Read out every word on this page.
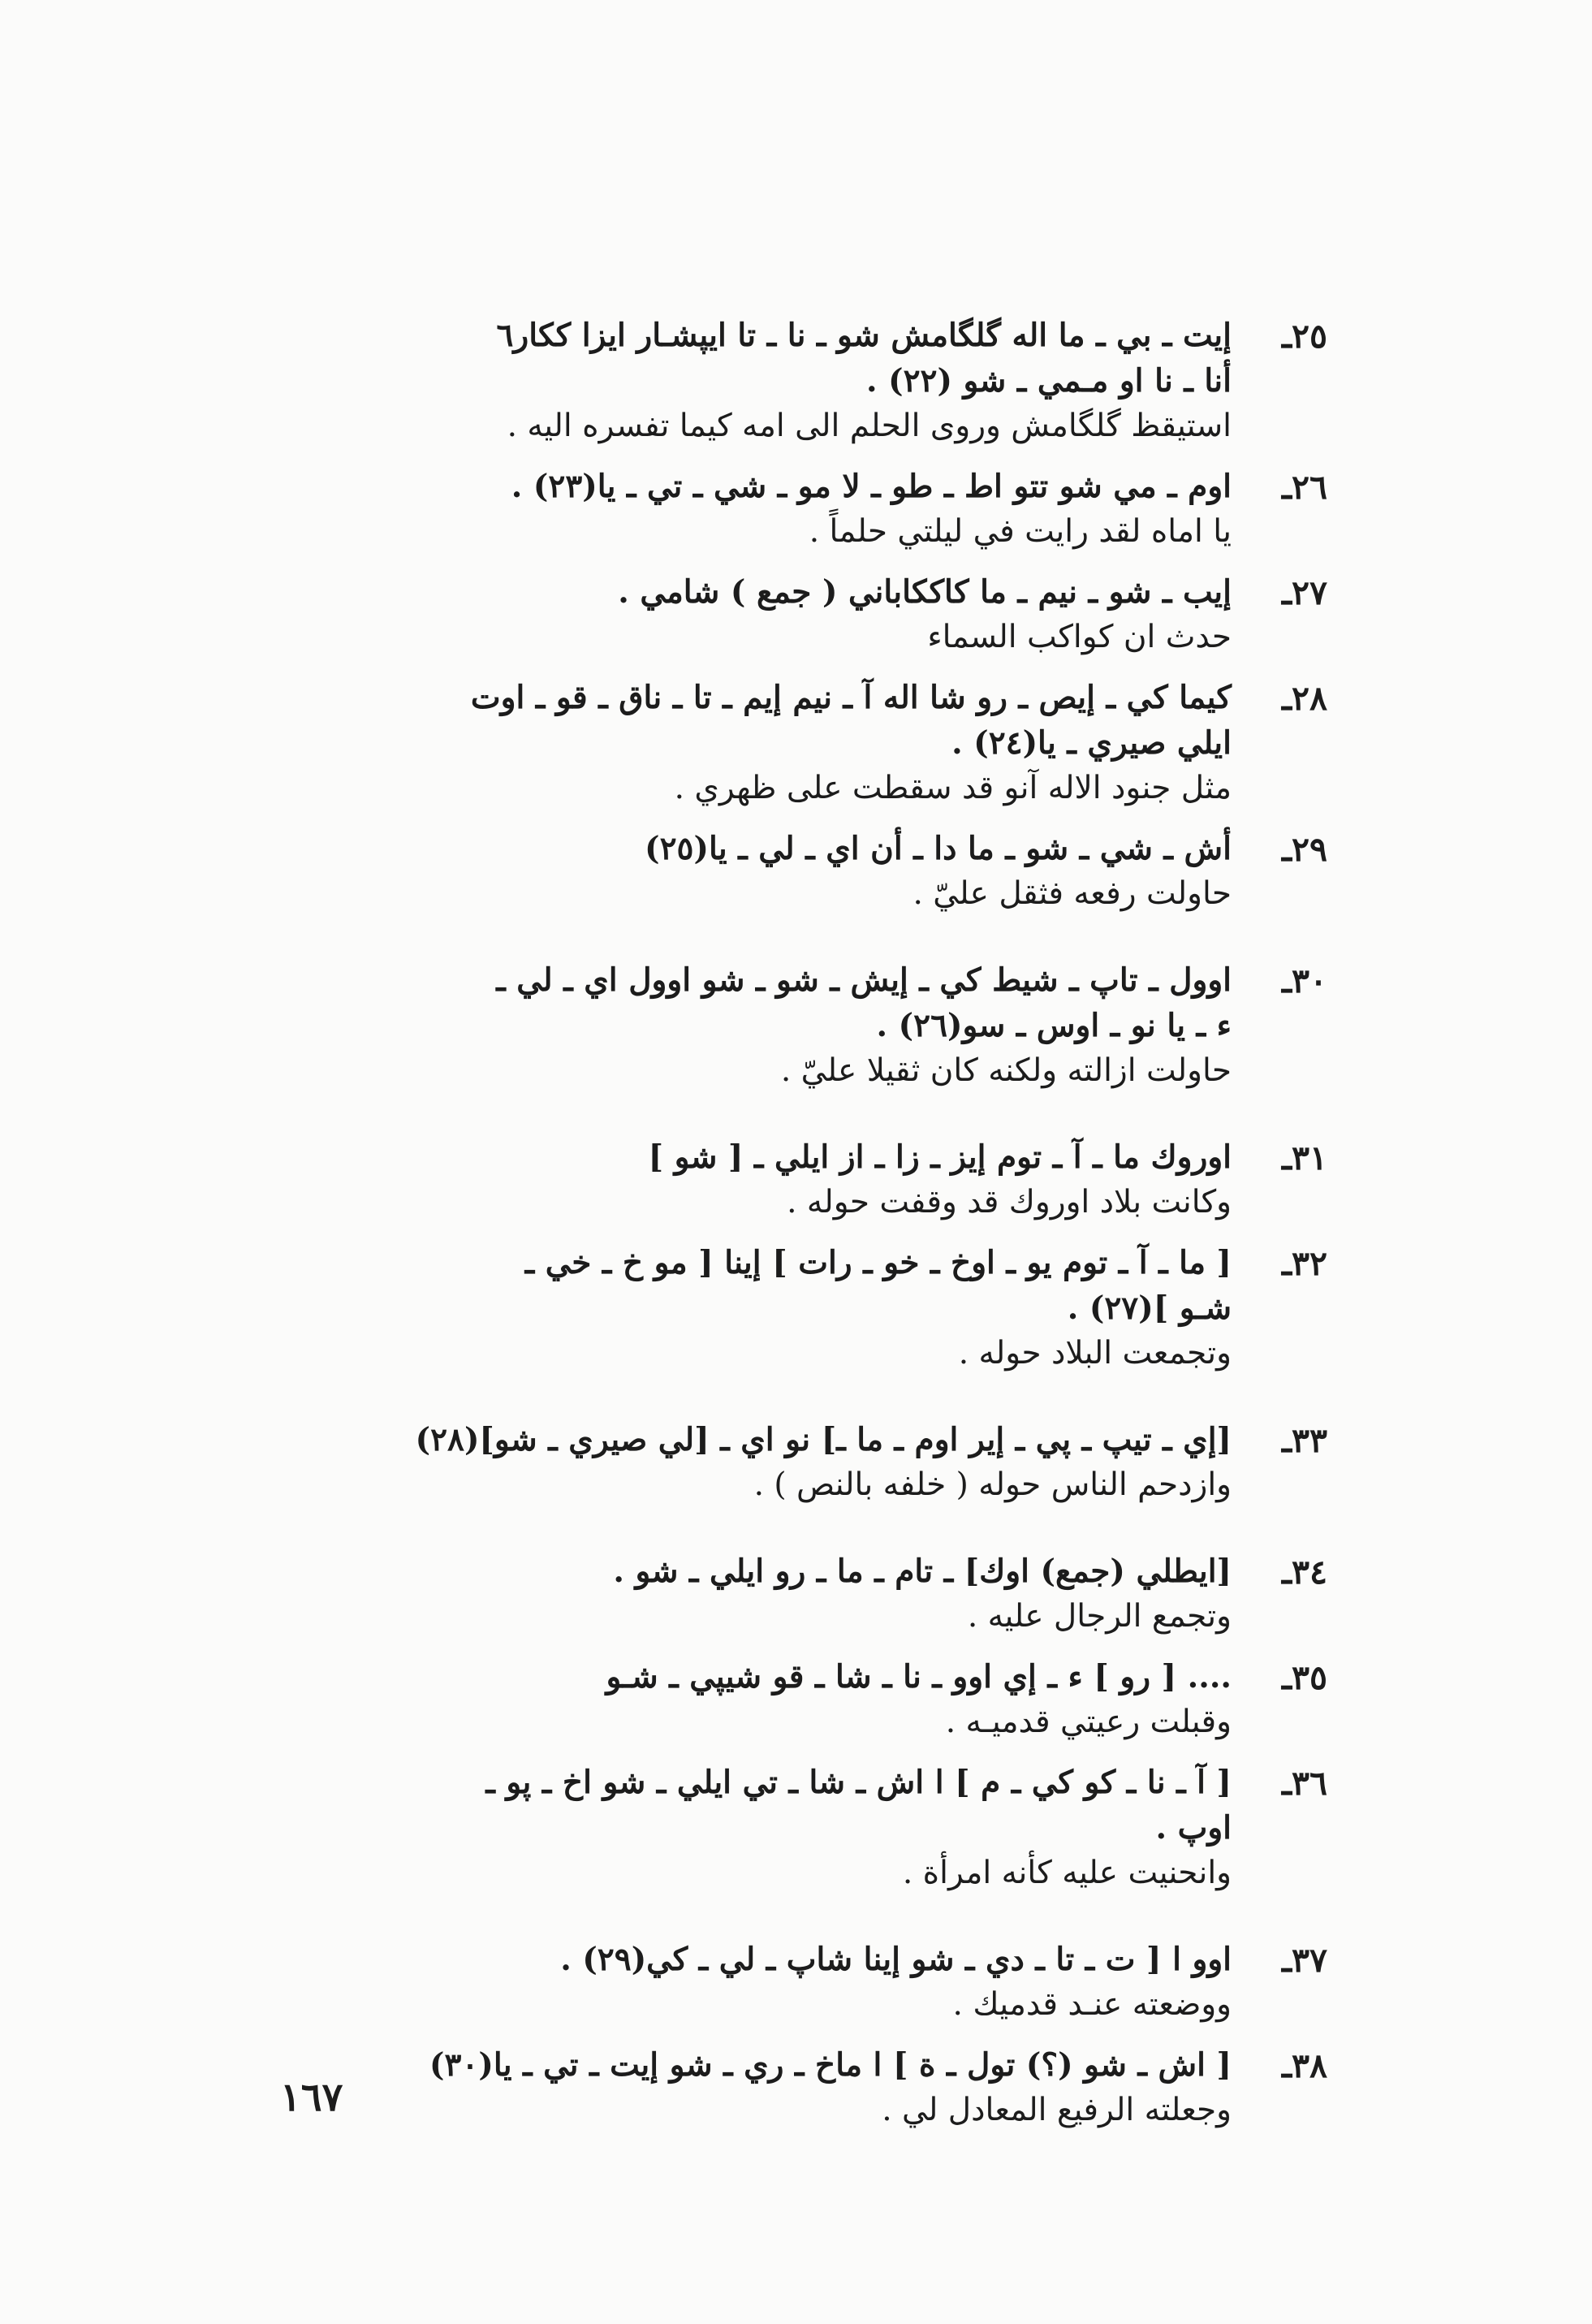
٢٥ـ
إيت ـ بي ـ ما اله گلگامش شو ـ نا ـ تا ايپشـار ايزا ككار٦
أنا ـ نا او مـمي ـ شو (٢٢) .
استيقظ گلگامش وروى الحلم الى امه كيما تفسره اليه .
٢٦ـ
اوم ـ مي شو تتو اط ـ طو ـ لا مو ـ شي ـ تي ـ يا(٢٣) .
يا اماه لقد رايت في ليلتي حلماً .
٢٧ـ
إيب ـ شو ـ نيم ـ ما كاككاباني ( جمع ) شامي .
حدث ان كواكب السماء
٢٨ـ
كيما كي ـ إيص ـ رو شا اله آ ـ نيم إيم ـ تا ـ ناق ـ قو ـ اوت
ايلي صيري ـ يا(٢٤) .
مثل جنود الاله آنو قد سقطت على ظهري .
٢٩ـ
أش ـ شي ـ شو ـ ما دا ـ أن اي ـ لي ـ يا(٢٥)
حاولت رفعه فثقل عليّ .
٣٠ـ
اوول ـ تاپ ـ شيط كي ـ إيش ـ شو ـ شو اوول اي ـ لي ـ
ء ـ يا نو ـ اوس ـ سو(٢٦) .
حاولت ازالته ولكنه كان ثقيلا عليّ .
٣١ـ
اوروك ما ـ آ ـ توم إيز ـ زا ـ از ايلي ـ [ شو ]
وكانت بلاد اوروك قد وقفت حوله .
٣٢ـ
[ ما ـ آ ـ توم يو ـ اوخ ـ خو ـ رات ] إينا [ مو خ ـ خي ـ
شـو ](٢٧) .
وتجمعت البلاد حوله .
٣٣ـ
[إي ـ تيپ ـ پي ـ إير اوم ـ ما ـ] نو اي ـ [لي صيري ـ شو](٢٨)
وازدحم الناس حوله ( خلفه بالنص ) .
٣٤ـ
[ايطلي (جمع) اوك] ـ تام ـ ما ـ رو ايلي ـ شو .
وتجمع الرجال عليه .
٣٥ـ
.... [ رو ] ء ـ إي اوو ـ نا ـ شا ـ قو شيپي ـ شـو
وقبلت رعيتي قدميـه .
٣٦ـ
[ آ ـ نا ـ كو كي ـ م ] ا اش ـ شا ـ تي ايلي ـ شو اخ ـ پو ـ
اوپ .
وانحنيت عليه كأنه امرأة .
٣٧ـ
اوو ا [ ت ـ تا ـ دي ـ شو إينا شاپ ـ لي ـ كي(٢٩) .
ووضعته عنـد قدميك .
٣٨ـ
[ اش ـ شو (؟) تول ـ ة ] ا ماخ ـ ري ـ شو إيت ـ تي ـ يا(٣٠)
وجعلته الرفيع المعادل لي .
١٦٧
